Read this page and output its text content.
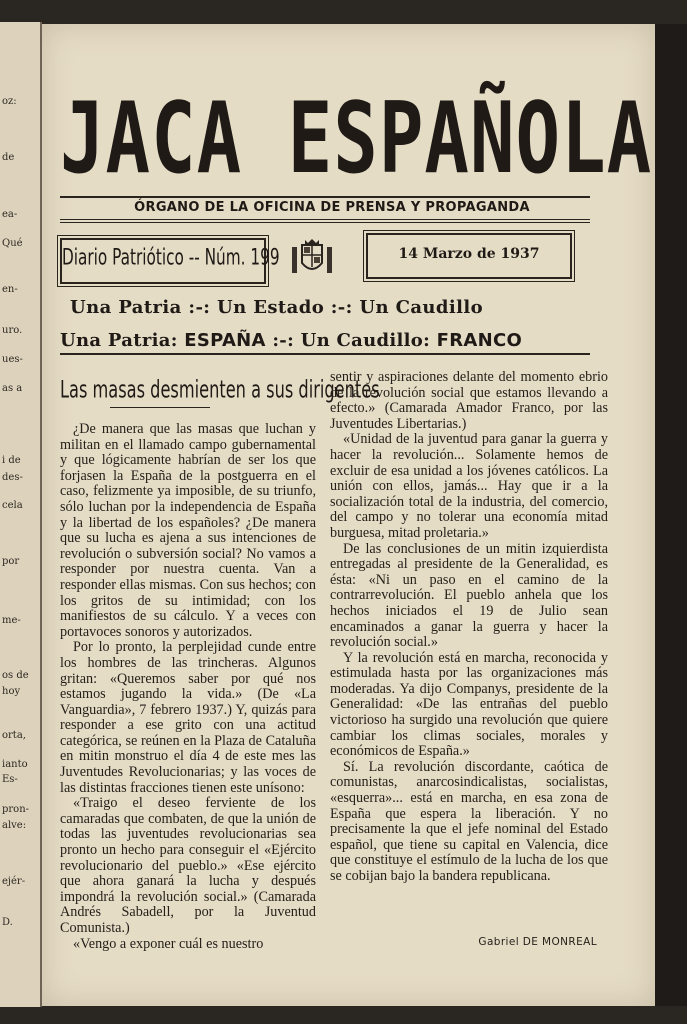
oz:
de
ea-
Qué
en-
uro.
ues-
as a
i de
des-
cela
por
me-
os de
hoy
orta,
ianto
Es-
pron-
alve:
ejér-
D.
JACA ESPAÑOLA
ÓRGANO DE LA OFICINA DE PRENSA Y PROPAGANDA
Diario Patriótico -- Núm. 199	14 Marzo de 1937
Una Patria :-: Un Estado :-: Un Caudillo
Una Patria: ESPAÑA :-: Un Caudillo: FRANCO
Las masas desmienten a sus dirigentes

¿De manera que las masas que luchan y militan en el llamado campo gubernamental y que lógicamente habrían de ser los que forjasen la España de la postguerra en el caso, felizmente ya imposible, de su triunfo, sólo luchan por la independencia de España y la libertad de los españoles? ¿De manera que su lucha es ajena a sus intenciones de revolución o subversión social? No vamos a responder por nuestra cuenta. Van a responder ellas mismas. Con sus hechos; con los gritos de su intimidad; con los manifiestos de su cálculo. Y a veces con portavoces sonoros y autorizados.

Por lo pronto, la perplejidad cunde entre los hombres de las trincheras. Algunos gritan: «Queremos saber por qué nos estamos jugando la vida.» (De «La Vanguardia», 7 febrero 1937.) Y, quizás para responder a ese grito con una actitud categórica, se reúnen en la Plaza de Cataluña en mitin monstruo el día 4 de este mes las Juventudes Revolucionarias; y las voces de las distintas fracciones tienen este unísono:

«Traigo el deseo ferviente de los camaradas que combaten, de que la unión de todas las juventudes revolucionarias sea pronto un hecho para conseguir el «Ejército revolucionario del pueblo.» «Ese ejército que ahora ganará la lucha y después impondrá la revolución social.» (Camarada Andrés Sabadell, por la Juventud Comunista.)

«Vengo a exponer cuál es nuestro

sentir y aspiraciones delante del momento ebrio de la revolución social que estamos llevando a efecto.» (Camarada Amador Franco, por las Juventudes Libertarias.)

«Unidad de la juventud para ganar la guerra y hacer la revolución... Solamente hemos de excluir de esa unidad a los jóvenes católicos. La unión con ellos, jamás... Hay que ir a la socialización total de la industria, del comercio, del campo y no tolerar una economía mitad burguesa, mitad proletaria.»

De las conclusiones de un mitin izquierdista entregadas al presidente de la Generalidad, es ésta: «Ni un paso en el camino de la contrarrevolución. El pueblo anhela que los hechos iniciados el 19 de Julio sean encaminados a ganar la guerra y hacer la revolución social.»

Y la revolución está en marcha, reconocida y estimulada hasta por las organizaciones más moderadas. Ya dijo Companys, presidente de la Generalidad: «De las entrañas del pueblo victorioso ha surgido una revolución que quiere cambiar los climas sociales, morales y económicos de España.»

Sí. La revolución discordante, caótica de comunistas, anarcosindicalistas, socialistas, «esquerra»... está en marcha, en esa zona de España que espera la liberación. Y no precisamente la que el jefe nominal del Estado español, que tiene su capital en Valencia, dice que constituye el estímulo de la lucha de los que se cobijan bajo la bandera republicana.

Gabriel DE MONREAL
